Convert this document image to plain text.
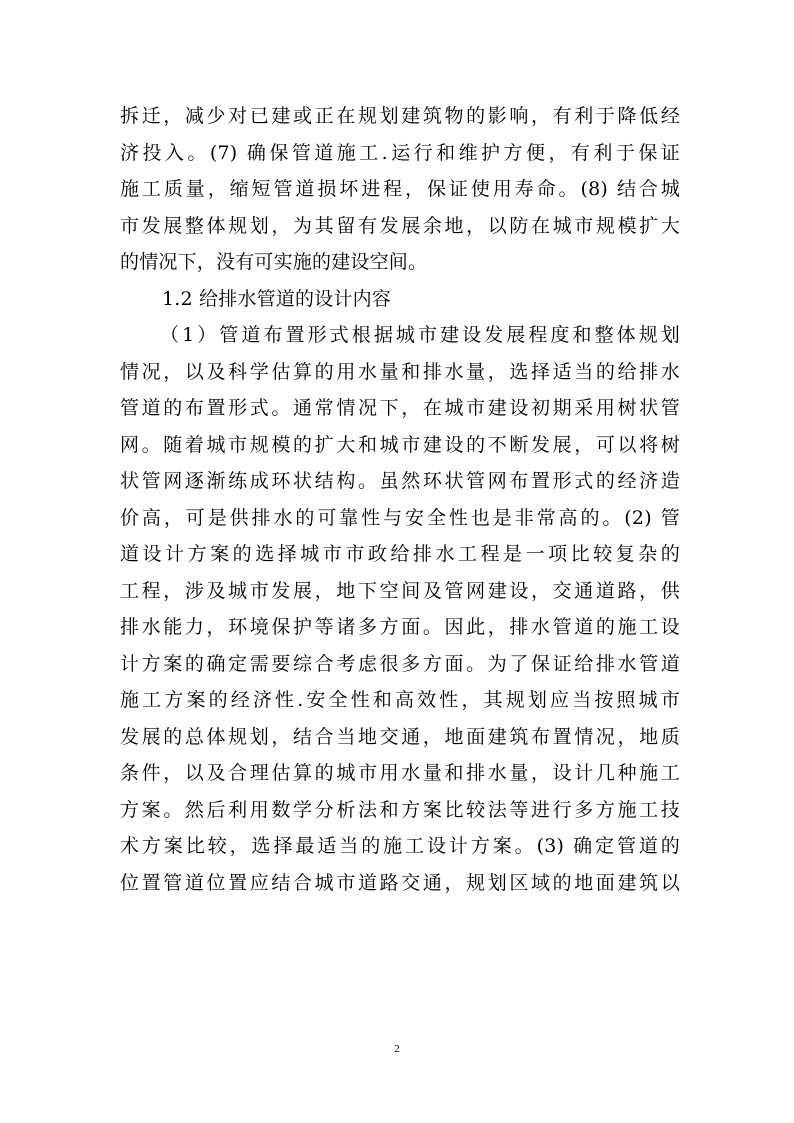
拆迁，减少对已建或正在规划建筑物的影响，有利于降低经
济投入。(7) 确保管道施工.运行和维护方便，有利于保证
施工质量，缩短管道损坏进程，保证使用寿命。(8) 结合城
市发展整体规划，为其留有发展余地，以防在城市规模扩大
的情况下，没有可实施的建设空间。
1.2 给排水管道的设计内容
（1）管道布置形式根据城市建设发展程度和整体规划
情况，以及科学估算的用水量和排水量，选择适当的给排水
管道的布置形式。通常情况下，在城市建设初期采用树状管
网。随着城市规模的扩大和城市建设的不断发展，可以将树
状管网逐渐练成环状结构。虽然环状管网布置形式的经济造
价高，可是供排水的可靠性与安全性也是非常高的。(2) 管
道设计方案的选择城市市政给排水工程是一项比较复杂的
工程，涉及城市发展，地下空间及管网建设，交通道路，供
排水能力，环境保护等诸多方面。因此，排水管道的施工设
计方案的确定需要综合考虑很多方面。为了保证给排水管道
施工方案的经济性.安全性和高效性，其规划应当按照城市
发展的总体规划，结合当地交通，地面建筑布置情况，地质
条件，以及合理估算的城市用水量和排水量，设计几种施工
方案。然后利用数学分析法和方案比较法等进行多方施工技
术方案比较，选择最适当的施工设计方案。(3) 确定管道的
位置管道位置应结合城市道路交通，规划区域的地面建筑以
2
